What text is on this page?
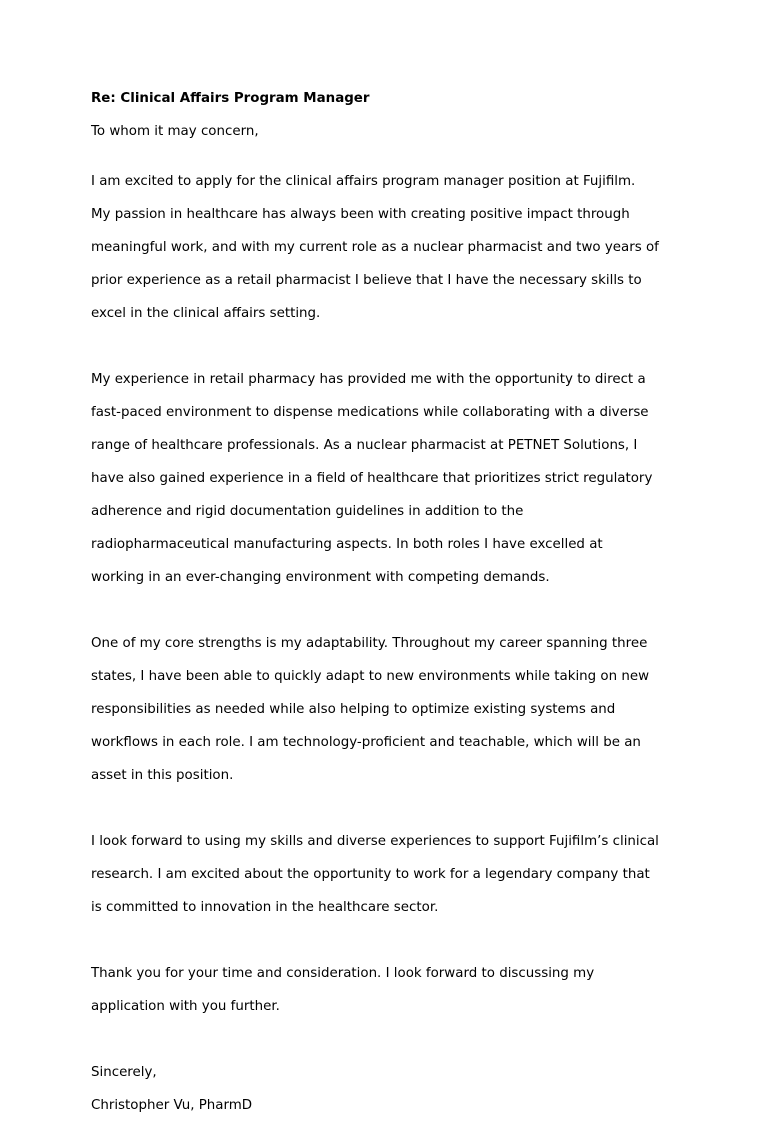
Re: Clinical Affairs Program Manager
To whom it may concern,

I am excited to apply for the clinical affairs program manager position at Fujifilm.

My passion in healthcare has always been with creating positive impact through

meaningful work, and with my current role as a nuclear pharmacist and two years of

prior experience as a retail pharmacist I believe that I have the necessary skills to

excel in the clinical affairs setting.

My experience in retail pharmacy has provided me with the opportunity to direct a

fast-paced environment to dispense medications while collaborating with a diverse

range of healthcare professionals. As a nuclear pharmacist at PETNET Solutions, I

have also gained experience in a field of healthcare that prioritizes strict regulatory

adherence and rigid documentation guidelines in addition to the

radiopharmaceutical manufacturing aspects. In both roles I have excelled at

working in an ever-changing environment with competing demands.

One of my core strengths is my adaptability. Throughout my career spanning three

states, I have been able to quickly adapt to new environments while taking on new

responsibilities as needed while also helping to optimize existing systems and

workflows in each role. I am technology-proficient and teachable, which will be an

asset in this position.

I look forward to using my skills and diverse experiences to support Fujifilm’s clinical

research. I am excited about the opportunity to work for a legendary company that

is committed to innovation in the healthcare sector.

Thank you for your time and consideration. I look forward to discussing my

application with you further.

Sincerely,

Christopher Vu, PharmD
